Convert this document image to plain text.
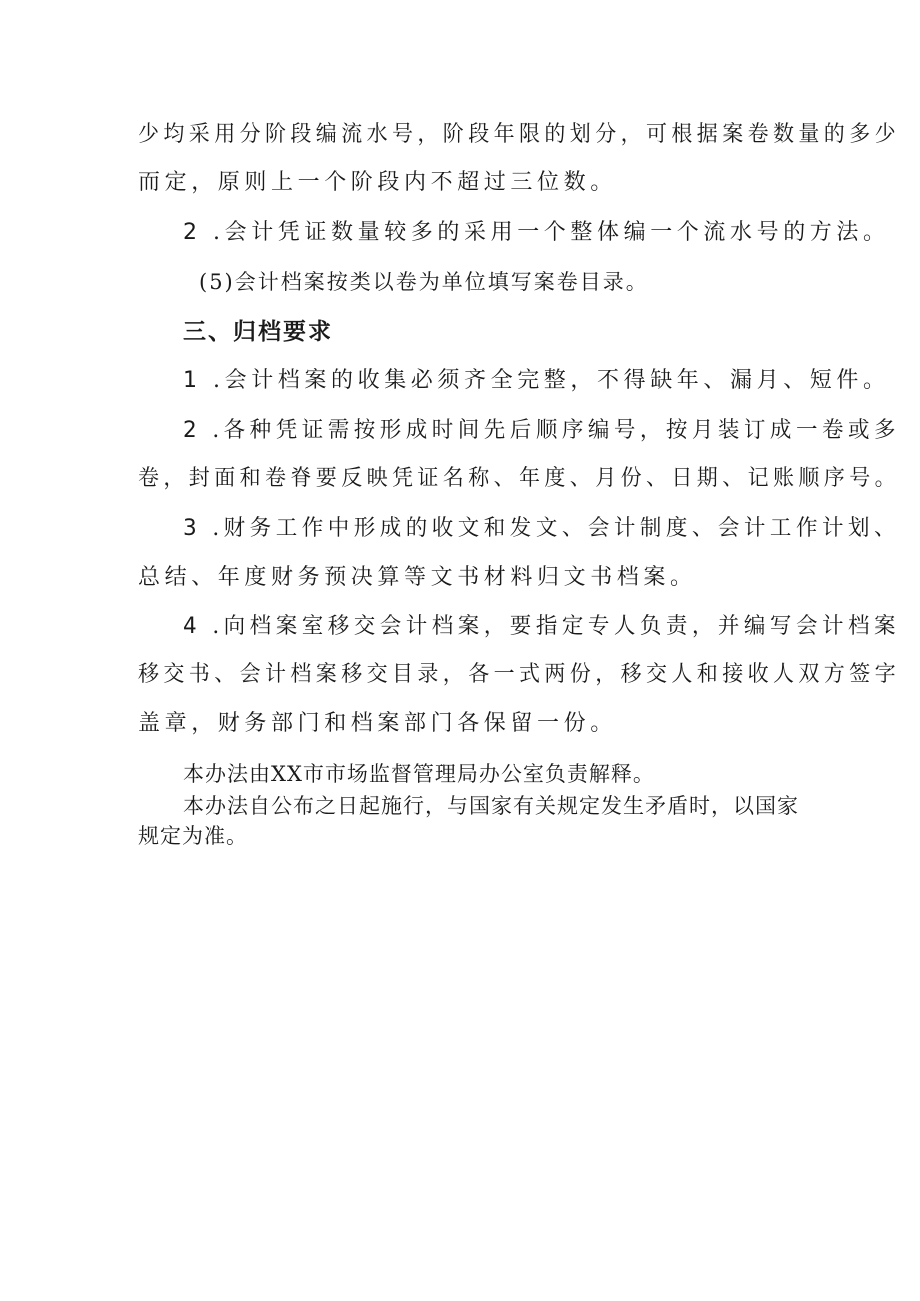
少均采用分阶段编流水号，阶段年限的划分，可根据案卷数量的多少
而定，原则上一个阶段内不超过三位数。
2 .会计凭证数量较多的采用一个整体编一个流水号的方法。
(5)会计档案按类以卷为单位填写案卷目录。
三、归档要求
1 .会计档案的收集必须齐全完整，不得缺年、漏月、短件。
2 .各种凭证需按形成时间先后顺序编号，按月装订成一卷或多
卷，封面和卷脊要反映凭证名称、年度、月份、日期、记账顺序号。
3 .财务工作中形成的收文和发文、会计制度、会计工作计划、
总结、年度财务预决算等文书材料归文书档案。
4 .向档案室移交会计档案，要指定专人负责，并编写会计档案
移交书、会计档案移交目录，各一式两份，移交人和接收人双方签字
盖章，财务部门和档案部门各保留一份。
本办法由XX市市场监督管理局办公室负责解释。
本办法自公布之日起施行，与国家有关规定发生矛盾时，以国家
规定为准。
